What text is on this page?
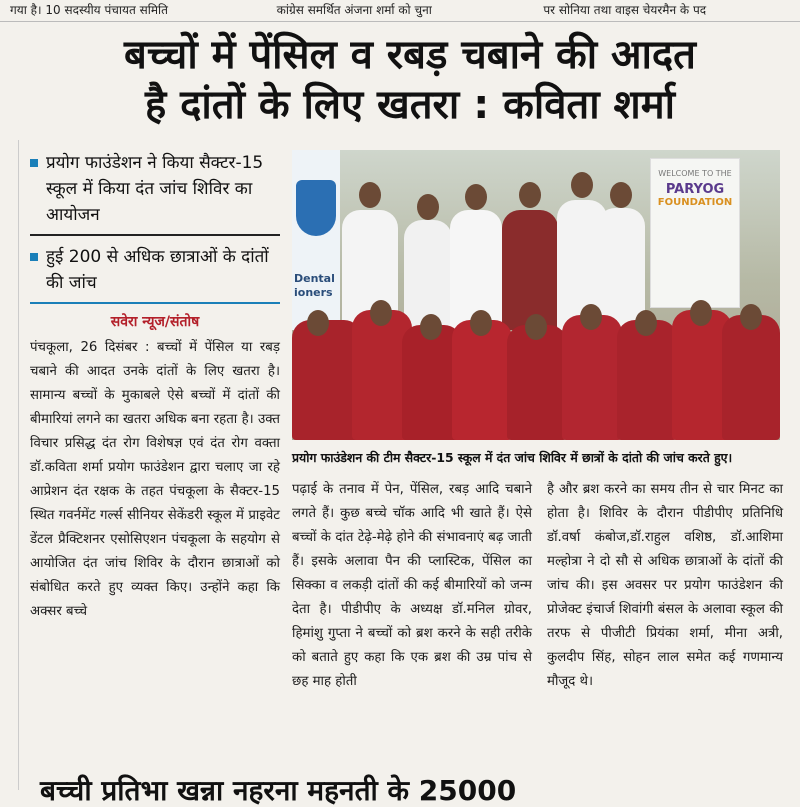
गया है। 10 सदस्यीय पंचायत समिति	कांग्रेस समर्थित अंजना शर्मा को चुना	पर सोनिया तथा वाइस चेयरमैन के पद
बच्चों में पेंसिल व रबड़ चबाने की आदत
है दांतों के लिए खतरा : कविता शर्मा
प्रयोग फाउंडेशन ने किया सैक्टर-15 स्कूल में किया दंत जांच शिविर का आयोजन
हुई 200 से अधिक छात्राओं के दांतों की जांच
सवेरा न्यूज/संतोष
पंचकूला, 26 दिसंबर : बच्चों में पेंसिल या रबड़ चबाने की आदत उनके दांतों के लिए खतरा है। सामान्य बच्चों के मुकाबले ऐसे बच्चों में दांतों की बीमारियां लगने का खतरा अधिक बना रहता है। उक्त विचार प्रसिद्ध दंत रोग विशेषज्ञ एवं दंत रोग वक्ता डॉ.कविता शर्मा प्रयोग फाउंडेशन द्वारा चलाए जा रहे आप्रेशन दंत रक्षक के तहत पंचकूला के सैक्टर-15 स्थित गवर्नमेंट गर्ल्स सीनियर सेकेंडरी स्कूल में प्राइवेट डेंटल प्रैक्टिशनर एसोसिएशन पंचकूला के सहयोग से आयोजित दंत जांच शिविर के दौरान छात्राओं को संबोधित करते हुए व्यक्त किए। उन्होंने कहा कि अक्सर बच्चे
Dental ioners
WELCOME TO THE
PARYOG
FOUNDATION
प्रयोग फाउंडेशन की टीम सैक्टर-15 स्कूल में दंत जांच शिविर में छात्रों के दांतो की जांच करते हुए।
पढ़ाई के तनाव में पेन, पेंसिल, रबड़ आदि चबाने लगते हैं। कुछ बच्चे चॉक आदि भी खाते हैं। ऐसे बच्चों के दांत टेढ़े-मेढ़े होने की संभावनाएं बढ़ जाती हैं। इसके अलावा पैन की प्लास्टिक, पेंसिल का सिक्का व लकड़ी दांतों की कई बीमारियों को जन्म देता है। पीडीपीए के अध्यक्ष डॉ.मनिल ग्रोवर, हिमांशु गुप्ता ने बच्चों को ब्रश करने के सही तरीके को बताते हुए कहा कि एक ब्रश की उम्र पांच से छह माह होती
है और ब्रश करने का समय तीन से चार मिनट का होता है। शिविर के दौरान पीडीपीए प्रतिनिधि डॉ.वर्षा कंबोज,डॉ.राहुल वशिष्ठ, डॉ.आशिमा मल्होत्रा ने दो सौ से अधिक छात्राओं के दांतों की जांच की। इस अवसर पर प्रयोग फाउंडेशन की प्रोजेक्ट इंचार्ज शिवांगी बंसल के अलावा स्कूल की तरफ से पीजीटी प्रियंका शर्मा, मीना अत्री, कुलदीप सिंह, सोहन लाल समेत कई गणमान्य मौजूद थे।
बच्ची प्रतिभा खन्ना नहरना महनती के 25000
